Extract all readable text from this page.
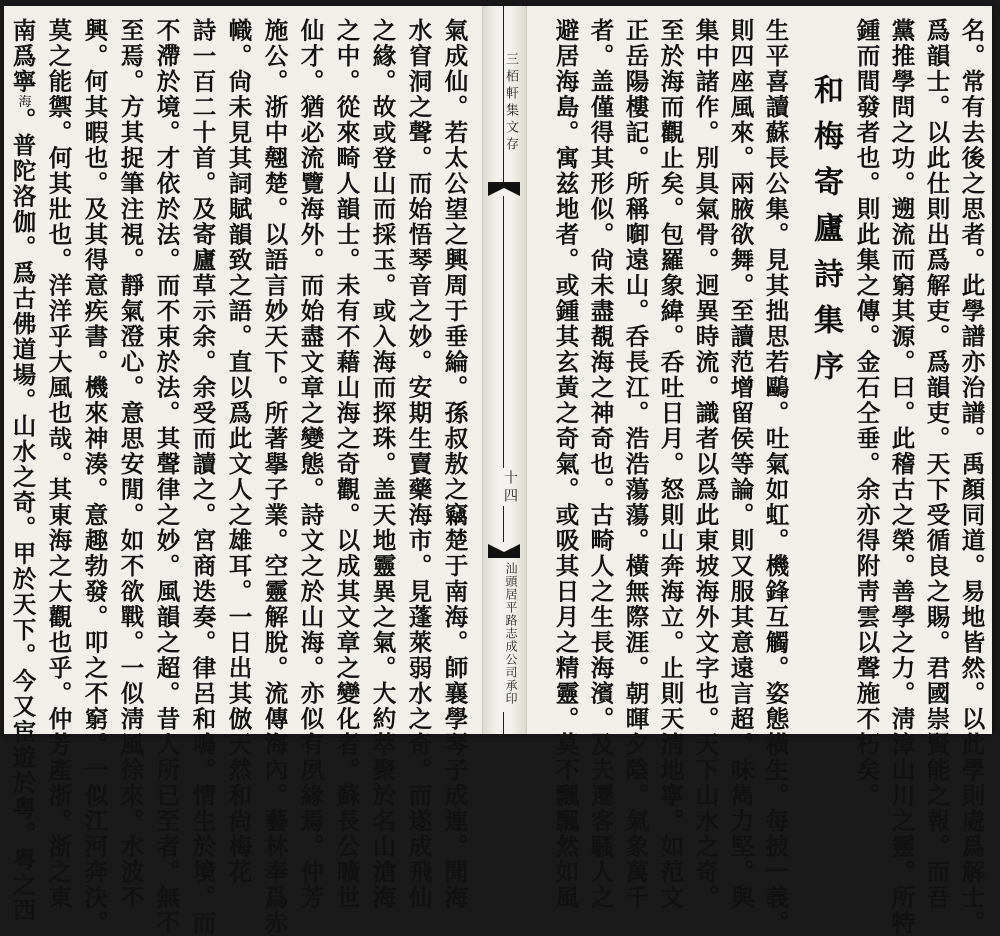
名。常有去後之思者。此學譜亦治譜。禹顏同道。易地皆然。以此學則處爲解士。
爲韻士。以此仕則出爲解吏。爲韻吏。天下受循良之賜。君國崇賢能之報。而吾
黨推學問之功。遡流而窮其源。曰。此稽古之榮。善學之力。淸漳山川之靈。所特
鍾而間發者也。則此集之傳。金石仝垂。余亦得附靑雲以聲施不朽矣。
和梅寄廬詩集序
生平喜讀蘇長公集。見其拙思若鷗。吐氣如虹。機鋒互觸。姿態橫生。每披一義。
則四座風來。兩腋欲舞。至讀范增留侯等論。則又服其意遠言超。味雋力堅。與
集中諸作。別具氣骨。迥異時流。識者以爲此東坡海外文字也。天下山水之奇。
至於海而觀止矣。包羅象緯。呑吐日月。怒則山奔海立。止則天淸地寧。如范文
正岳陽樓記。所稱啣遠山。呑長江。浩浩蕩蕩。橫無際涯。朝暉夕陰。氣象萬千
者。盖僅得其形似。尙未盡覩海之神奇也。古畸人之生長海濱。及夫遷客騷人之
避居海島。寓兹地者。或鍾其玄黃之奇氣。或吸其日月之精靈。莫不飄飄然如風
三栢軒集文存
十四
汕頭居平路志成公司承印
氣成仙。若太公望之興周于垂綸。孫叔敖之竊楚于南海。師襄學琴子成連。聞海
水窅洞之聲。而始悟琴音之妙。安期生賣藥海市。見蓬萊弱水之奇。而遂成飛仙
之緣。故或登山而採玉。或入海而探珠。盖天地靈異之氣。大約萃聚於名山滄海
之中。從來畸人韻士。未有不藉山海之奇觀。以成其文章之變化者。蘇長公曠世
仙才。猶必流覽海外。而始盡文章之變態。詩文之於山海。亦似有夙緣焉。仲芳
施公。浙中翹楚。以語言妙天下。所著擧子業。空靈解脫。流傳海內。藝林奉爲赤
幟。尙未見其詞賦韻致之語。直以爲此文人之雄耳。一日出其倣天然和尙梅花
詩一百二十首。及寄廬草示余。余受而讀之。宮商迭奏。律呂和鳴。情生於境。而
不滯於境。才依於法。而不束於法。其聲律之妙。風韻之超。昔人所已至者。無不
至焉。方其捉筆注視。靜氣澄心。意思安閒。如不欲戰。一似淸風徐來。水波不
興。何其暇也。及其得意疾書。機來神湊。意趣勃發。叩之不窮。一似江河奔決。
莫之能禦。何其壯也。洋洋乎大風也哉。其東海之大觀也乎。仲芳產浙。浙之東
南爲寧海。普陀洛伽。爲古佛道場。山水之奇。甲於天下。今又宦遊於粤。粤之西
